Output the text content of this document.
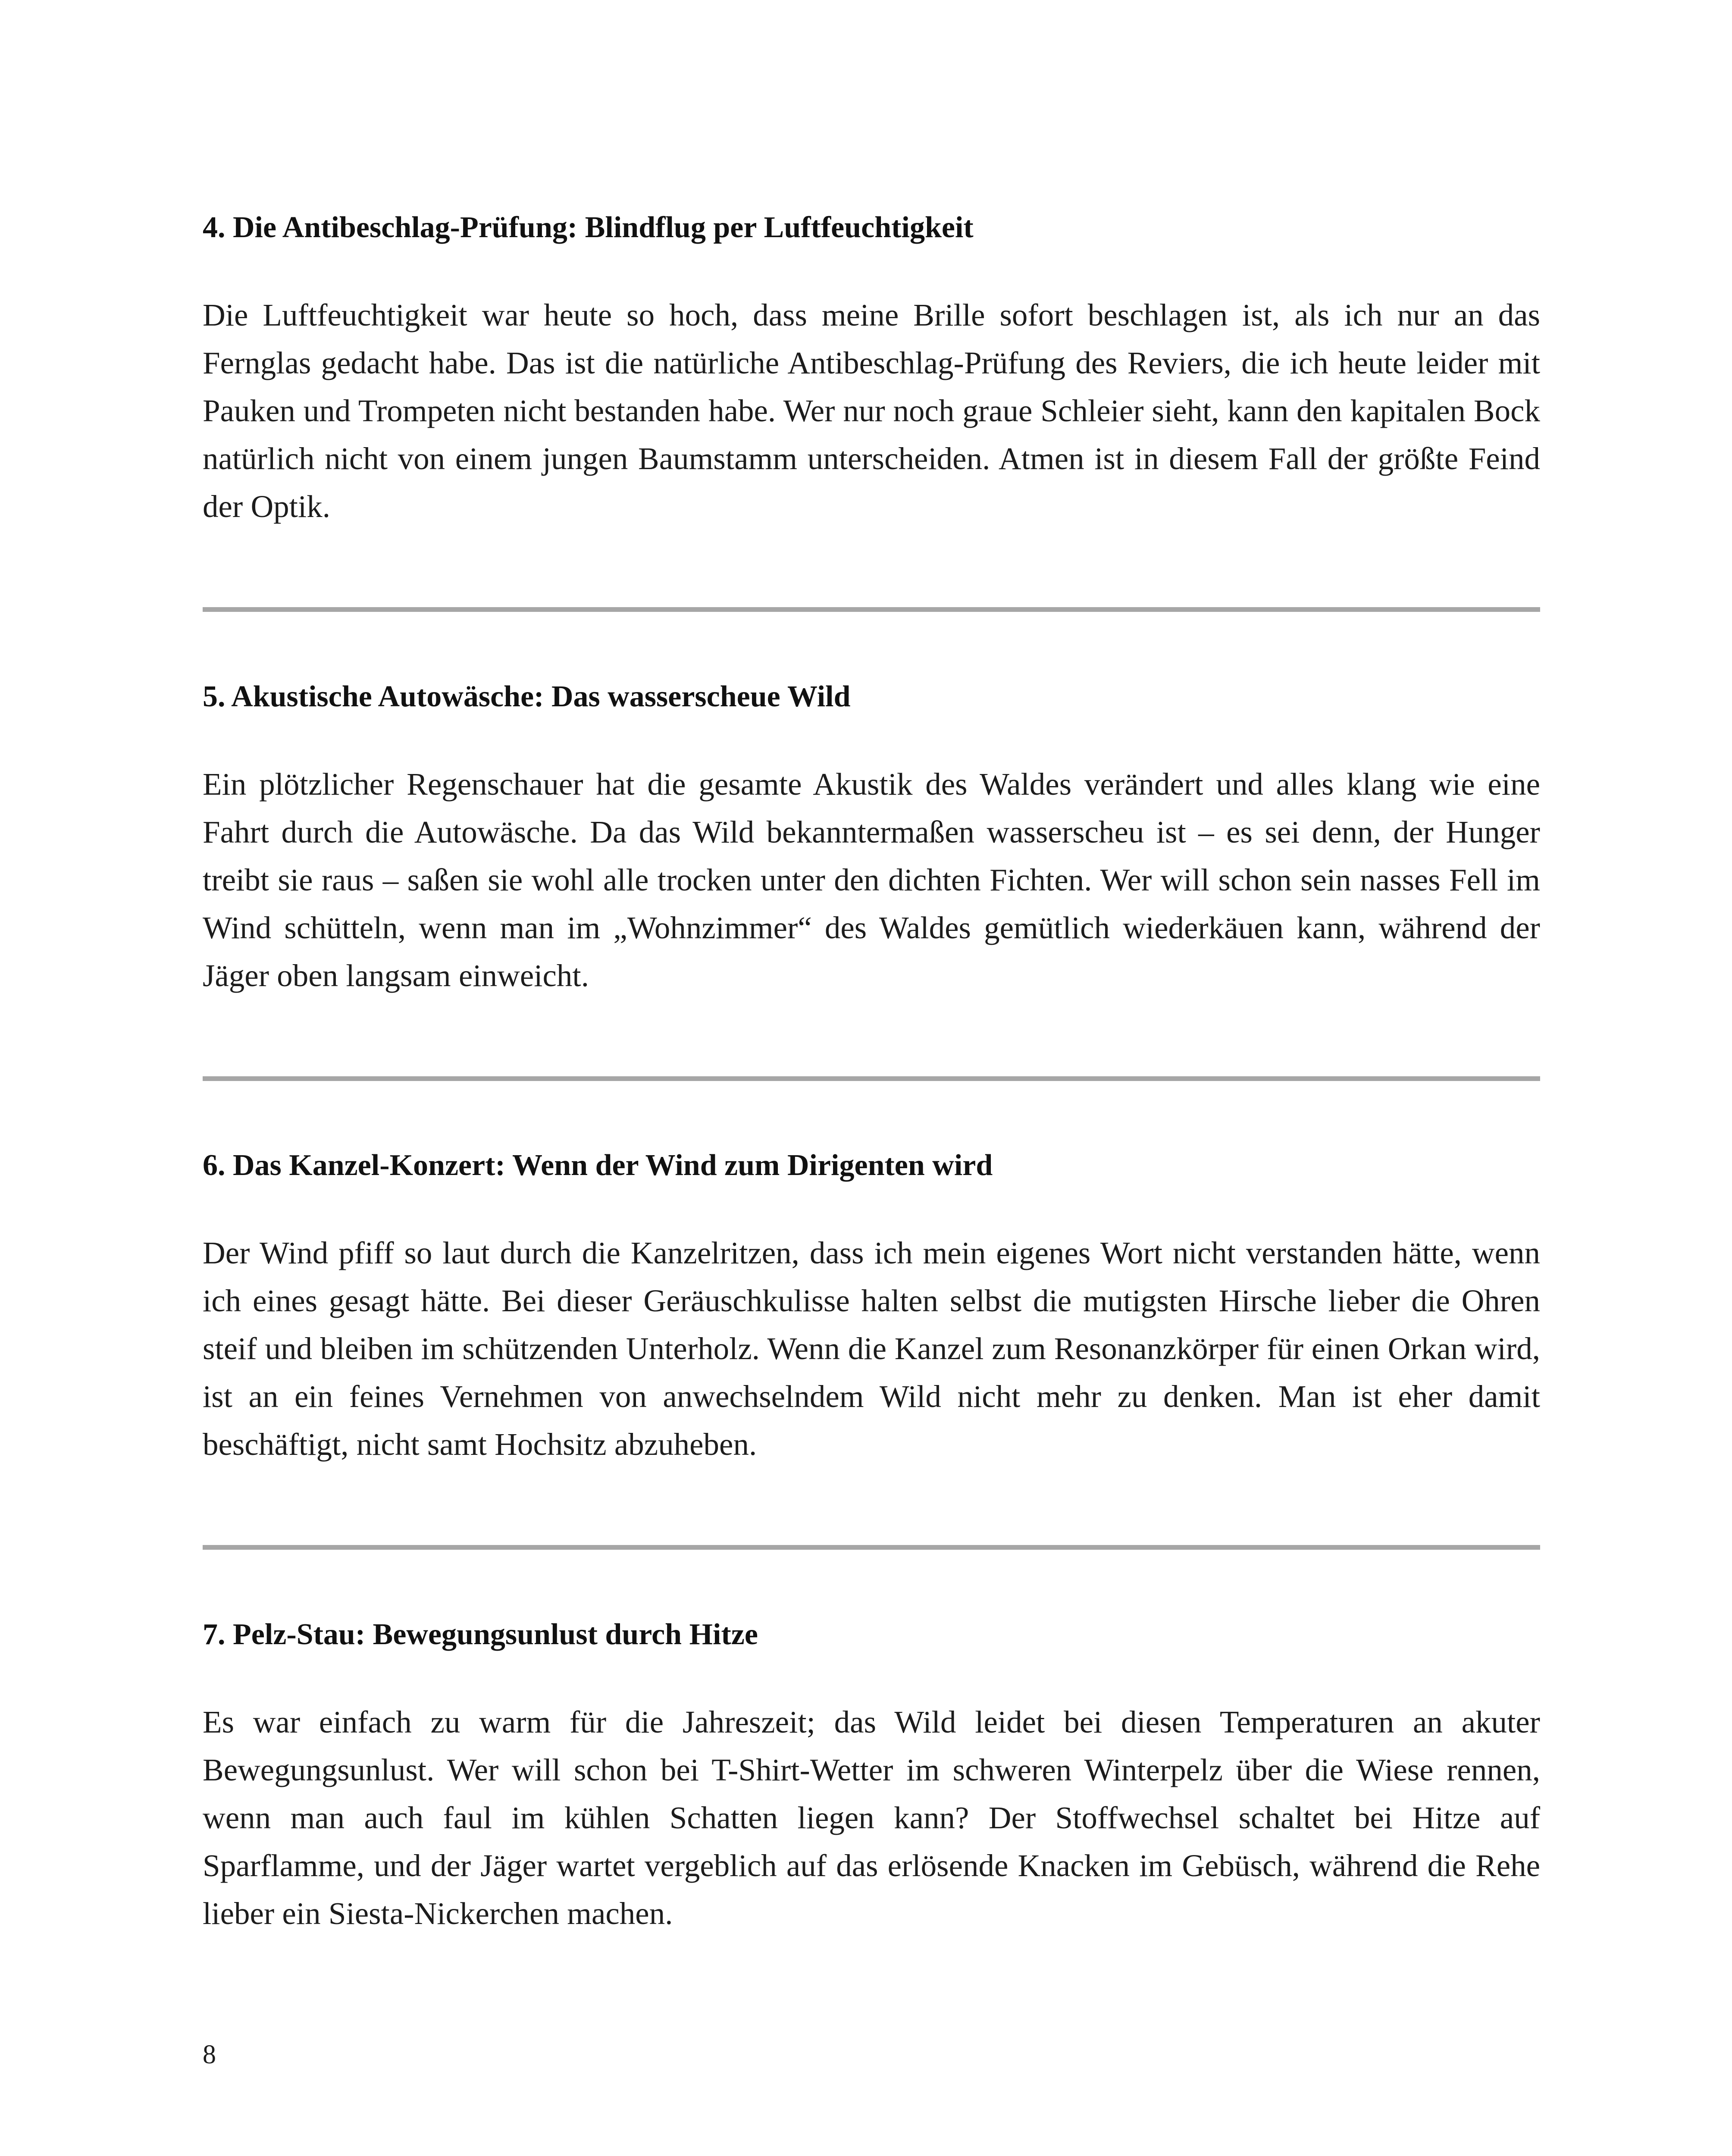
4. Die Antibeschlag-Prüfung: Blindflug per Luftfeuchtigkeit

Die Luftfeuchtigkeit war heute so hoch, dass meine Brille sofort beschlagen ist, als ich nur an das Fernglas gedacht habe. Das ist die natürliche Antibeschlag-Prüfung des Reviers, die ich heute leider mit Pauken und Trompeten nicht bestanden habe. Wer nur noch graue Schleier sieht, kann den kapitalen Bock natürlich nicht von einem jungen Baumstamm unterscheiden. Atmen ist in diesem Fall der größte Feind der Optik.

5. Akustische Autowäsche: Das wasserscheue Wild

Ein plötzlicher Regenschauer hat die gesamte Akustik des Waldes verändert und alles klang wie eine Fahrt durch die Autowäsche. Da das Wild bekanntermaßen wasserscheu ist – es sei denn, der Hunger treibt sie raus – saßen sie wohl alle trocken unter den dichten Fichten. Wer will schon sein nasses Fell im Wind schütteln, wenn man im „Wohnzimmer“ des Waldes gemütlich wiederkäuen kann, während der Jäger oben langsam einweicht.

6. Das Kanzel-Konzert: Wenn der Wind zum Dirigenten wird

Der Wind pfiff so laut durch die Kanzelritzen, dass ich mein eigenes Wort nicht verstanden hätte, wenn ich eines gesagt hätte. Bei dieser Geräuschkulisse halten selbst die mutigsten Hirsche lieber die Ohren steif und bleiben im schützenden Unterholz. Wenn die Kanzel zum Resonanzkörper für einen Orkan wird, ist an ein feines Vernehmen von anwechselndem Wild nicht mehr zu denken. Man ist eher damit beschäftigt, nicht samt Hochsitz abzuheben.

7. Pelz-Stau: Bewegungsunlust durch Hitze

Es war einfach zu warm für die Jahreszeit; das Wild leidet bei diesen Temperaturen an akuter Bewegungsunlust. Wer will schon bei T-Shirt-Wetter im schweren Winterpelz über die Wiese rennen, wenn man auch faul im kühlen Schatten liegen kann? Der Stoffwechsel schaltet bei Hitze auf Sparflamme, und der Jäger wartet vergeblich auf das erlösende Knacken im Gebüsch, während die Rehe lieber ein Siesta-Nickerchen machen.

8
